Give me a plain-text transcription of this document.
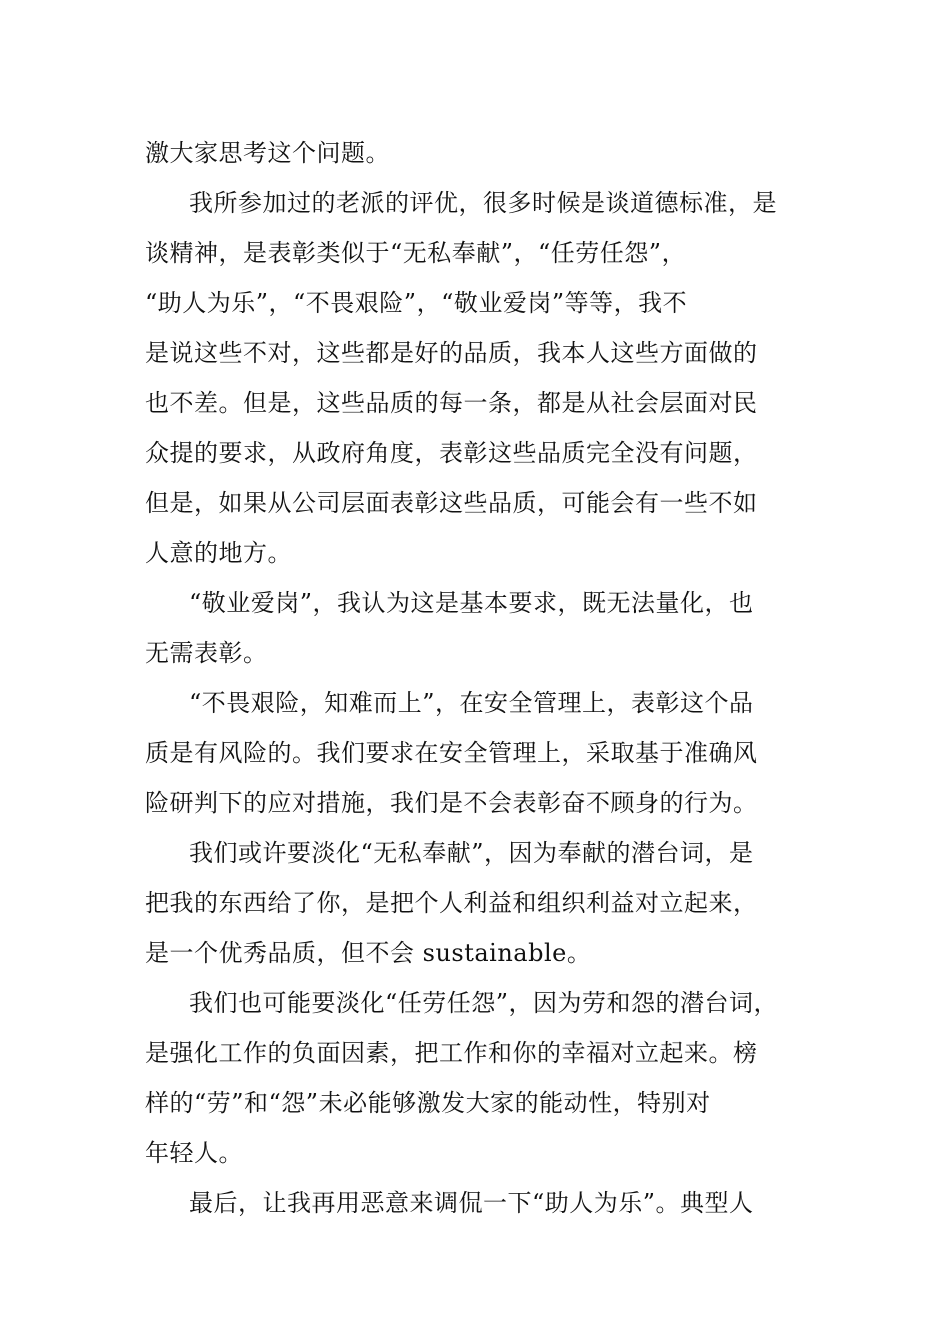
激大家思考这个问题。
我所参加过的老派的评优，很多时候是谈道德标准，是
谈精神，是表彰类似于“无私奉献”，“任劳任怨”，
“助人为乐”，“不畏艰险”，“敬业爱岗”等等，我不
是说这些不对，这些都是好的品质，我本人这些方面做的
也不差。但是，这些品质的每一条，都是从社会层面对民
众提的要求，从政府角度，表彰这些品质完全没有问题，
但是，如果从公司层面表彰这些品质，可能会有一些不如
人意的地方。
“敬业爱岗”，我认为这是基本要求，既无法量化，也
无需表彰。
“不畏艰险，知难而上”，在安全管理上，表彰这个品
质是有风险的。我们要求在安全管理上，采取基于准确风
险研判下的应对措施，我们是不会表彰奋不顾身的行为。
我们或许要淡化“无私奉献”，因为奉献的潜台词，是
把我的东西给了你，是把个人利益和组织利益对立起来，
是一个优秀品质，但不会 sustainable。
我们也可能要淡化“任劳任怨”，因为劳和怨的潜台词，
是强化工作的负面因素，把工作和你的幸福对立起来。榜
样的“劳”和“怨”未必能够激发大家的能动性，特别对
年轻人。
最后，让我再用恶意来调侃一下“助人为乐”。典型人
